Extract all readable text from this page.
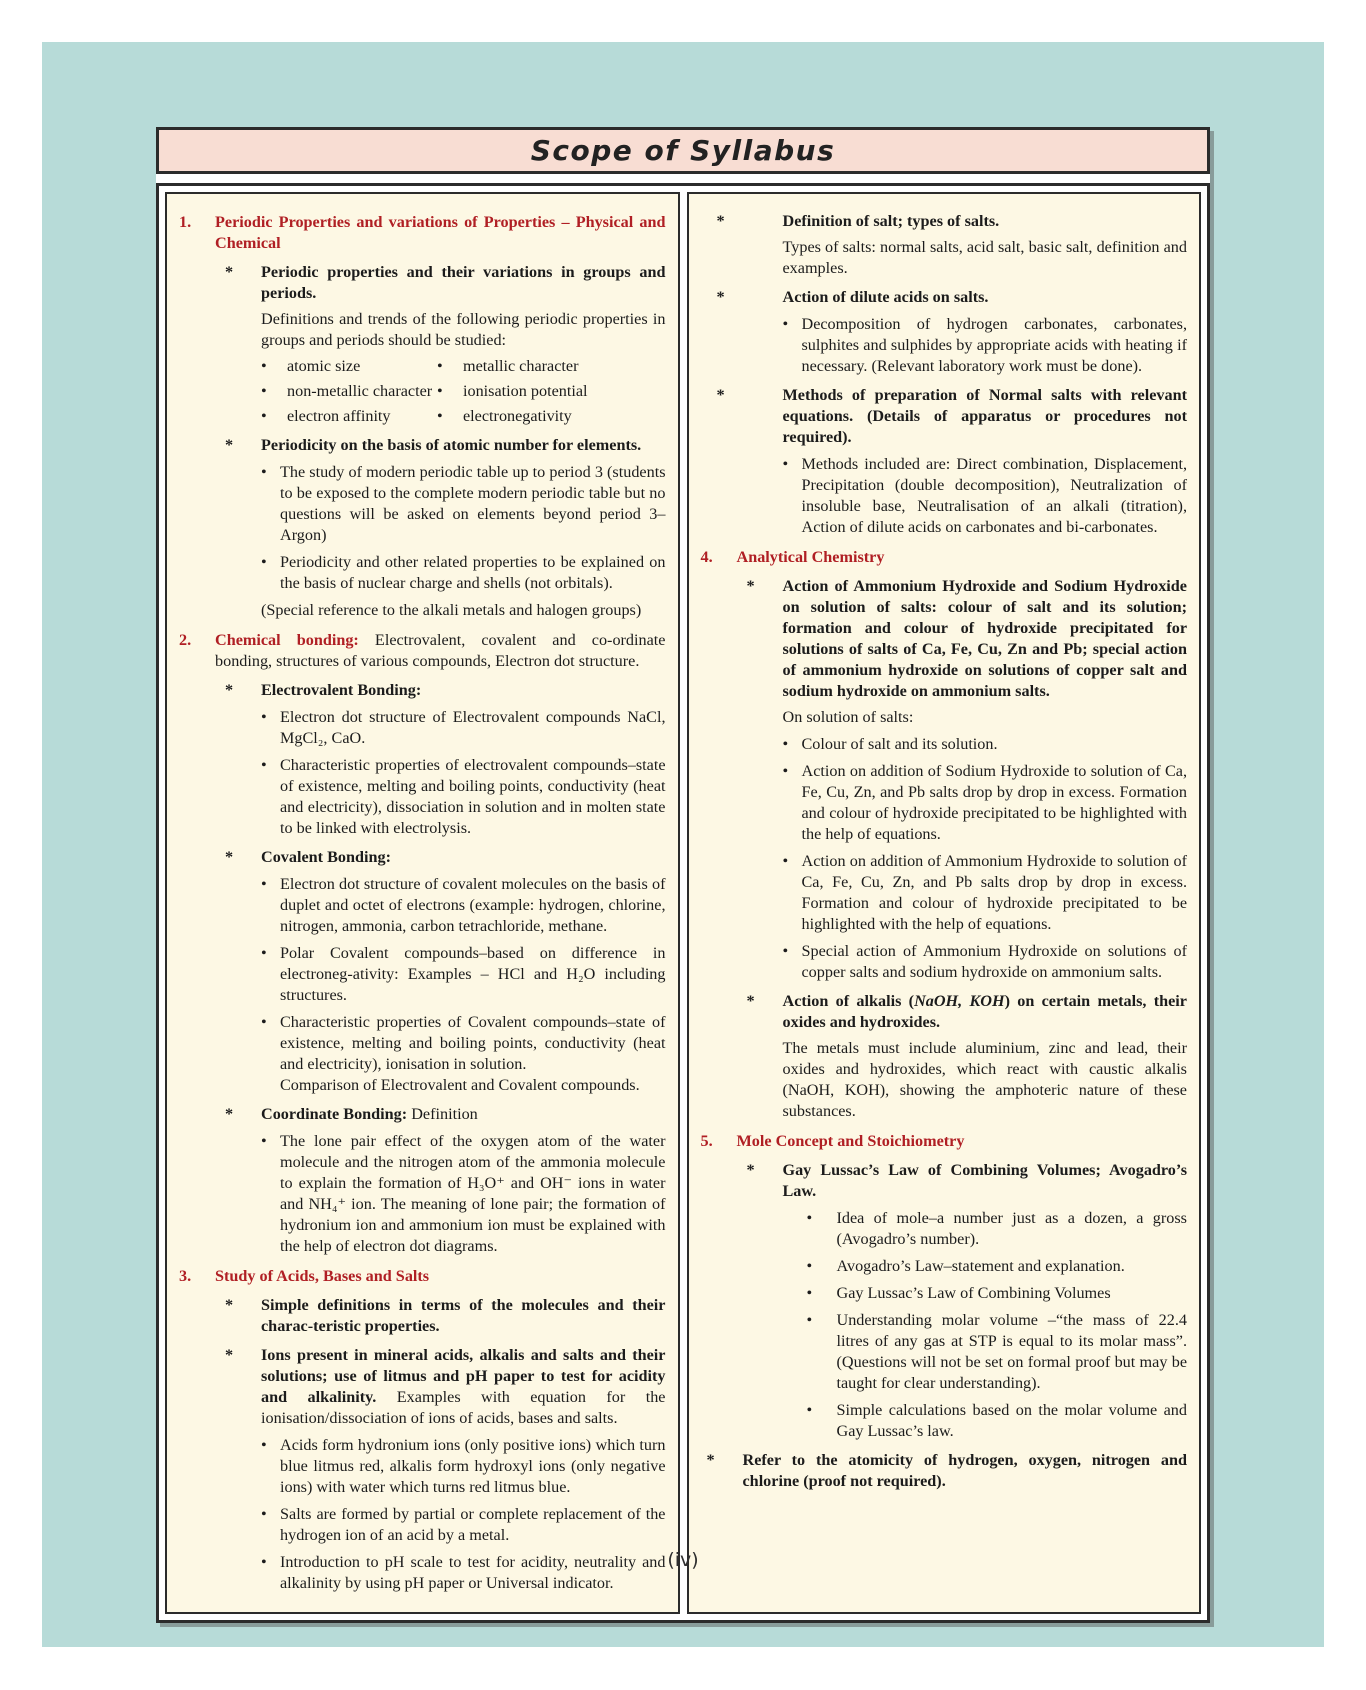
Scope of Syllabus
1.	Periodic Properties and variations of Properties – Physical and Chemical
*	Periodic properties and their variations in groups and periods.
Definitions and trends of the following periodic properties in groups and periods should be studied:
•	atomic size	•	metallic character
•	non-metallic character •	ionisation potential
•	electron affinity	•	electronegativity
*	Periodicity on the basis of atomic number for elements.
• The study of modern periodic table up to period 3 (students to be exposed to the complete modern periodic table but no questions will be asked on elements beyond period 3–Argon)
• Periodicity and other related properties to be explained on the basis of nuclear charge and shells (not orbitals).
(Special reference to the alkali metals and halogen groups)
2.	Chemical bonding: Electrovalent, covalent and co-ordinate bonding, structures of various compounds, Electron dot structure.
*	Electrovalent Bonding:
• Electron dot structure of Electrovalent compounds NaCl, MgCl₂, CaO.
• Characteristic properties of electrovalent compounds–state of existence, melting and boiling points, conductivity (heat and electricity), dissociation in solution and in molten state to be linked with electrolysis.
*	Covalent Bonding:
• Electron dot structure of covalent molecules on the basis of duplet and octet of electrons (example: hydrogen, chlorine, nitrogen, ammonia, carbon tetrachloride, methane.
• Polar Covalent compounds–based on difference in electroneg-ativity: Examples – HCl and H₂O including structures.
• Characteristic properties of Covalent compounds–state of existence, melting and boiling points, conductivity (heat and electricity), ionisation in solution.
Comparison of Electrovalent and Covalent compounds.
*	Coordinate Bonding: Definition
• The lone pair effect of the oxygen atom of the water molecule and the nitrogen atom of the ammonia molecule to explain the formation of H₃O⁺ and OH⁻ ions in water and NH₄⁺ ion. The meaning of lone pair; the formation of hydronium ion and ammonium ion must be explained with the help of electron dot diagrams.
3.	Study of Acids, Bases and Salts
*	Simple definitions in terms of the molecules and their charac-teristic properties.
*	Ions present in mineral acids, alkalis and salts and their solutions; use of litmus and pH paper to test for acidity and alkalinity. Examples with equation for the ionisation/dissociation of ions of acids, bases and salts.
• Acids form hydronium ions (only positive ions) which turn blue litmus red, alkalis form hydroxyl ions (only negative ions) with water which turns red litmus blue.
• Salts are formed by partial or complete replacement of the hydrogen ion of an acid by a metal.
• Introduction to pH scale to test for acidity, neutrality and alkalinity by using pH paper or Universal indicator.
*	Definition of salt; types of salts.
Types of salts: normal salts, acid salt, basic salt, definition and examples.
*	Action of dilute acids on salts.
• Decomposition of hydrogen carbonates, carbonates, sulphites and sulphides by appropriate acids with heating if necessary. (Relevant laboratory work must be done).
*	Methods of preparation of Normal salts with relevant equations. (Details of apparatus or procedures not required).
• Methods included are: Direct combination, Displacement, Precipitation (double decomposition), Neutralization of insoluble base, Neutralisation of an alkali (titration), Action of dilute acids on carbonates and bi-carbonates.
4.	Analytical Chemistry
*	Action of Ammonium Hydroxide and Sodium Hydroxide on solution of salts: colour of salt and its solution; formation and colour of hydroxide precipitated for solutions of salts of Ca, Fe, Cu, Zn and Pb; special action of ammonium hydroxide on solutions of copper salt and sodium hydroxide on ammonium salts.
On solution of salts:
• Colour of salt and its solution.
• Action on addition of Sodium Hydroxide to solution of Ca, Fe, Cu, Zn, and Pb salts drop by drop in excess. Formation and colour of hydroxide precipitated to be highlighted with the help of equations.
• Action on addition of Ammonium Hydroxide to solution of Ca, Fe, Cu, Zn, and Pb salts drop by drop in excess. Formation and colour of hydroxide precipitated to be highlighted with the help of equations.
• Special action of Ammonium Hydroxide on solutions of copper salts and sodium hydroxide on ammonium salts.
*	Action of alkalis (NaOH, KOH) on certain metals, their oxides and hydroxides.
The metals must include aluminium, zinc and lead, their oxides and hydroxides, which react with caustic alkalis (NaOH, KOH), showing the amphoteric nature of these substances.
5.	Mole Concept and Stoichiometry
*	Gay Lussac’s Law of Combining Volumes; Avogadro’s Law.
•	Idea of mole–a number just as a dozen, a gross (Avogadro’s number).
•	Avogadro’s Law–statement and explanation.
•	Gay Lussac’s Law of Combining Volumes
•	Understanding molar volume –“the mass of 22.4 litres of any gas at STP is equal to its molar mass”. (Questions will not be set on formal proof but may be taught for clear understanding).
•	Simple calculations based on the molar volume and Gay Lussac’s law.
*	Refer to the atomicity of hydrogen, oxygen, nitrogen and chlorine (proof not required).
(iv)
